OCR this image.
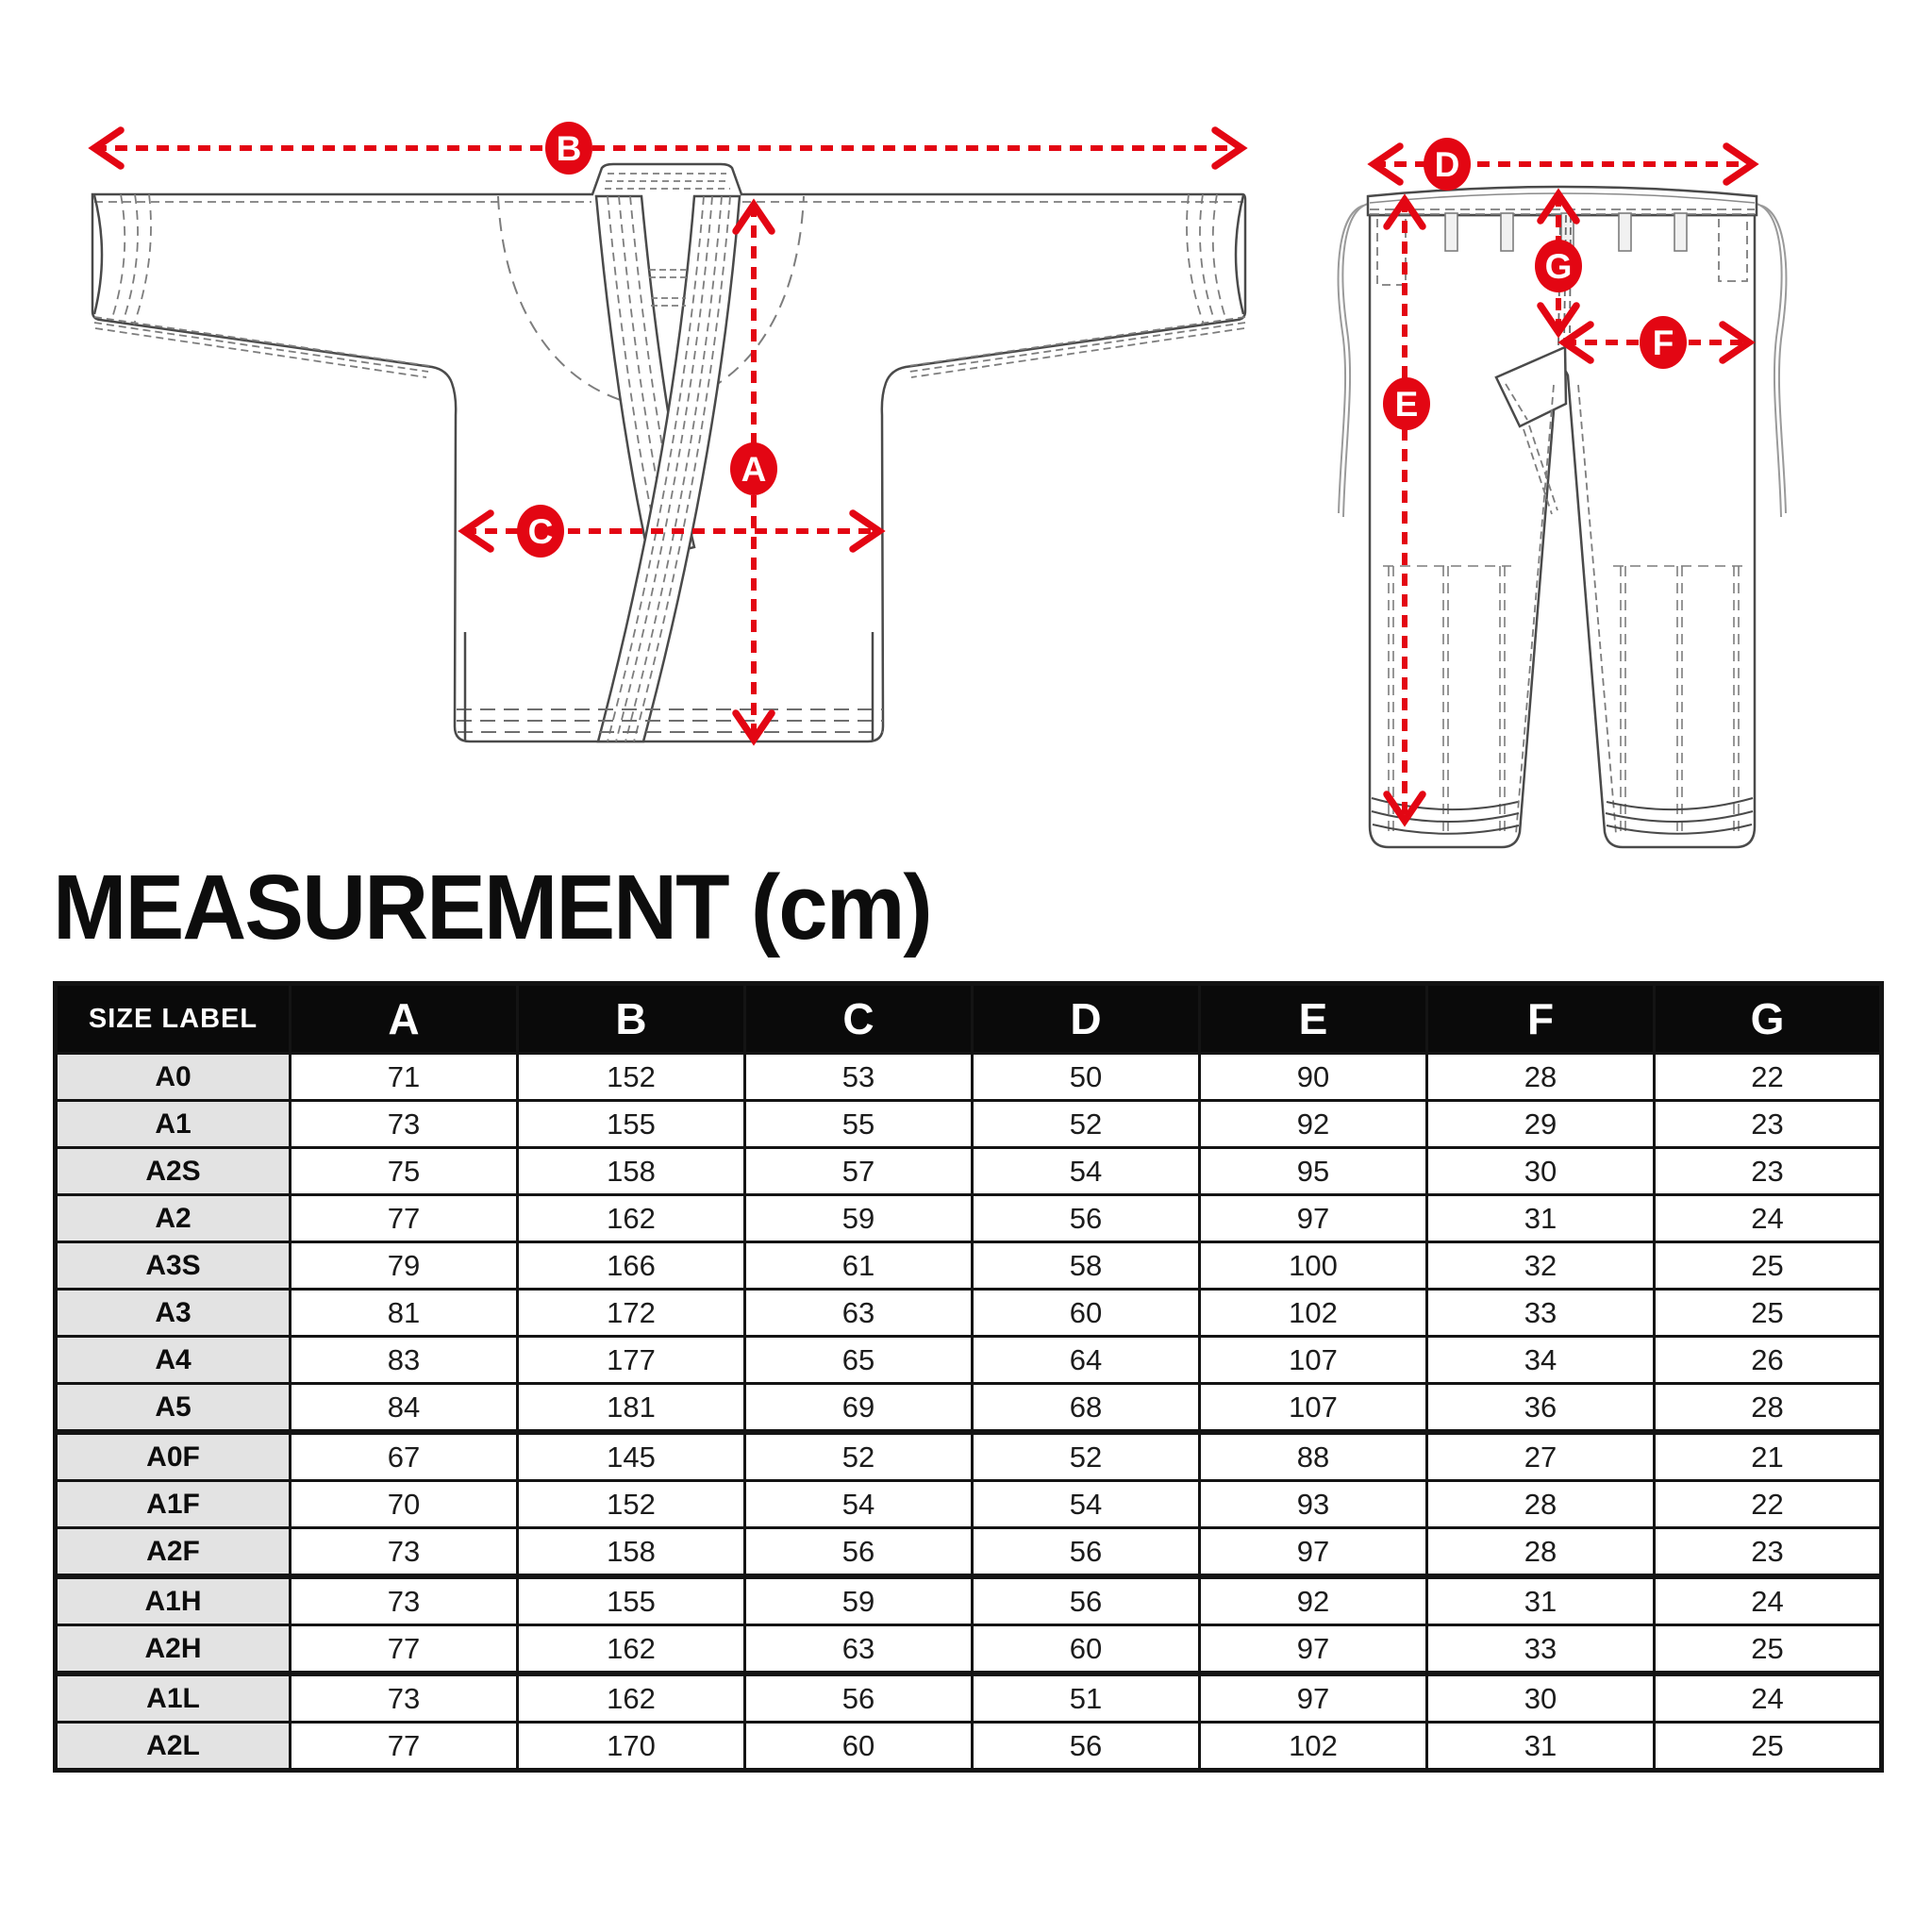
A
B
C
D
E
F
G
MEASUREMENT (cm)
SIZE LABEL	A	B	C	D	E	F	G
A0	71	152	53	50	90	28	22
A1	73	155	55	52	92	29	23
A2S	75	158	57	54	95	30	23
A2	77	162	59	56	97	31	24
A3S	79	166	61	58	100	32	25
A3	81	172	63	60	102	33	25
A4	83	177	65	64	107	34	26
A5	84	181	69	68	107	36	28
A0F	67	145	52	52	88	27	21
A1F	70	152	54	54	93	28	22
A2F	73	158	56	56	97	28	23
A1H	73	155	59	56	92	31	24
A2H	77	162	63	60	97	33	25
A1L	73	162	56	51	97	30	24
A2L	77	170	60	56	102	31	25
